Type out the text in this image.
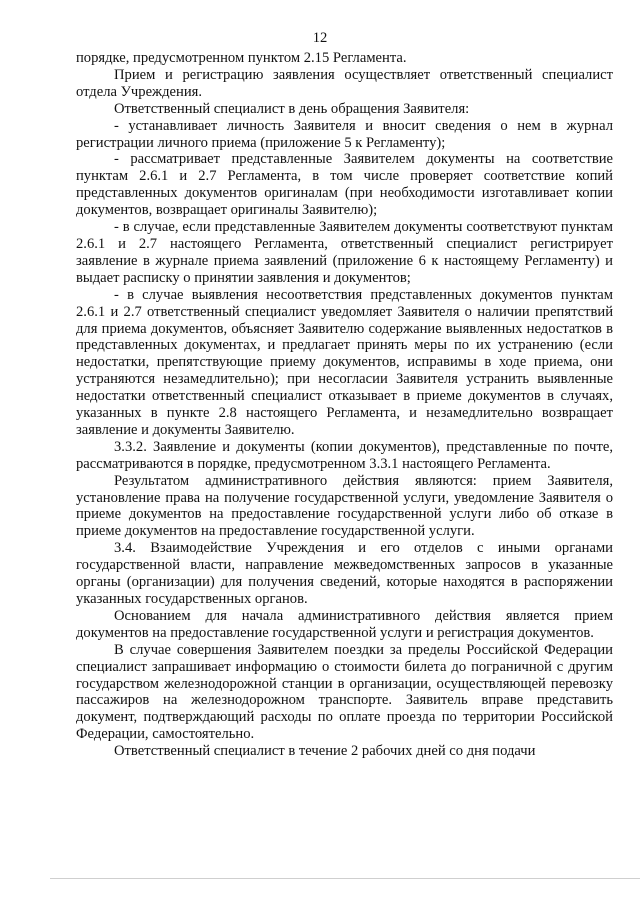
12

порядке, предусмотренном пунктом 2.15 Регламента.

Прием и регистрацию заявления осуществляет ответственный специалист отдела Учреждения.

Ответственный специалист в день обращения Заявителя:

- устанавливает личность Заявителя и вносит сведения о нем в журнал регистрации личного приема (приложение 5 к Регламенту);

- рассматривает представленные Заявителем документы на соответствие пунктам 2.6.1 и 2.7 Регламента, в том числе проверяет соответствие копий представленных документов оригиналам (при необходимости изготавливает копии документов, возвращает оригиналы Заявителю);

- в случае, если представленные Заявителем документы соответствуют пунктам 2.6.1 и 2.7 настоящего Регламента, ответственный специалист регистрирует заявление в журнале приема заявлений (приложение 6 к настоящему Регламенту) и выдает расписку о принятии заявления и документов;

- в случае выявления несоответствия представленных документов пунктам 2.6.1 и 2.7 ответственный специалист уведомляет Заявителя о наличии препятствий для приема документов, объясняет Заявителю содержание выявленных недостатков в представленных документах, и предлагает принять меры по их устранению (если недостатки, препятствующие приему документов, исправимы в ходе приема, они устраняются незамедлительно); при несогласии Заявителя устранить выявленные недостатки ответственный специалист отказывает в приеме документов в случаях, указанных в пункте 2.8 настоящего Регламента, и незамедлительно возвращает заявление и документы Заявителю.

3.3.2. Заявление и документы (копии документов), представленные по почте, рассматриваются в порядке, предусмотренном 3.3.1 настоящего Регламента.

Результатом административного действия являются: прием Заявителя, установление права на получение государственной услуги, уведомление Заявителя о приеме документов на предоставление государственной услуги либо об отказе в приеме документов на предоставление государственной услуги.

3.4. Взаимодействие Учреждения и его отделов с иными органами государственной власти, направление межведомственных запросов в указанные органы (организации) для получения сведений, которые находятся в распоряжении указанных государственных органов.

Основанием для начала административного действия является прием документов на предоставление государственной услуги и регистрация документов.

В случае совершения Заявителем поездки за пределы Российской Федерации специалист запрашивает информацию о стоимости билета до пограничной с другим государством железнодорожной станции в организации, осуществляющей перевозку пассажиров на железнодорожном транспорте. Заявитель вправе представить документ, подтверждающий расходы по оплате проезда по территории Российской Федерации, самостоятельно.

Ответственный специалист в течение 2 рабочих дней со дня подачи
